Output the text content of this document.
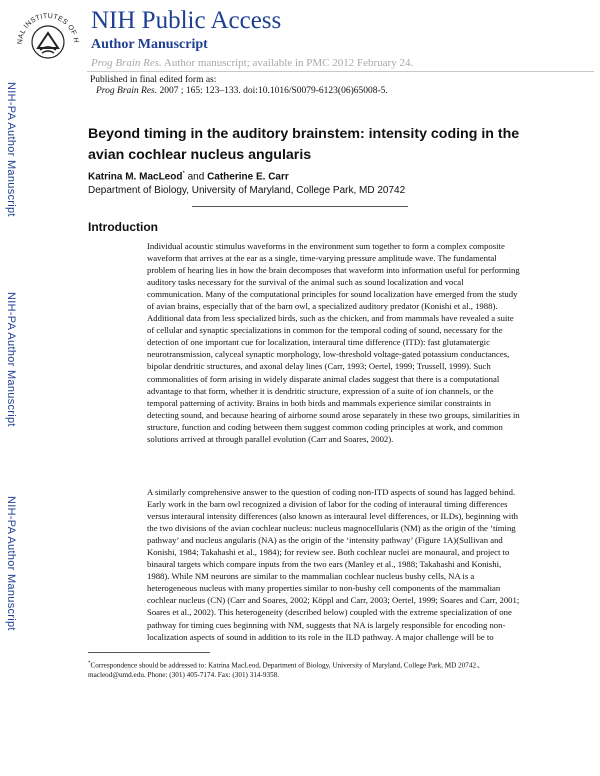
NAL INSTITUTES OF H
NIH Public Access
Author Manuscript
Prog Brain Res. Author manuscript; available in PMC 2012 February 24.
Published in final edited form as:
Prog Brain Res. 2007 ; 165: 123–133. doi:10.1016/S0079-6123(06)65008-5.
NIH-PA Author Manuscript
NIH-PA Author Manuscript
NIH-PA Author Manuscript
Beyond timing in the auditory brainstem: intensity coding in the avian cochlear nucleus angularis
Katrina M. MacLeod* and Catherine E. Carr
Department of Biology, University of Maryland, College Park, MD 20742
Introduction

Individual acoustic stimulus waveforms in the environment sum together to form a complex composite waveform that arrives at the ear as a single, time-varying pressure amplitude wave. The fundamental problem of hearing lies in how the brain decomposes that waveform into information useful for performing auditory tasks necessary for the survival of the animal such as sound localization and vocal communication. Many of the computational principles for sound localization have emerged from the study of avian brains, especially that of the barn owl, a specialized auditory predator (Konishi et al., 1988). Additional data from less specialized birds, such as the chicken, and from mammals have revealed a suite of cellular and synaptic specializations in common for the temporal coding of sound, necessary for the detection of one important cue for localization, interaural time difference (ITD): fast glutamatergic neurotransmission, calyceal synaptic morphology, low-threshold voltage-gated potassium conductances, bipolar dendritic structures, and axonal delay lines (Carr, 1993; Oertel, 1999; Trussell, 1999). Such commonalities of form arising in widely disparate animal clades suggest that there is a computational advantage to that form, whether it is dendritic structure, expression of a suite of ion channels, or the temporal patterning of activity. Brains in both birds and mammals experience similar constraints in detecting sound, and because hearing of airborne sound arose separately in these two groups, similarities in structure, function and coding between them suggest common coding principles at work, and common solutions arrived at through parallel evolution (Carr and Soares, 2002).

A similarly comprehensive answer to the question of coding non-ITD aspects of sound has lagged behind. Early work in the barn owl recognized a division of labor for the coding of interaural timing differences versus interaural intensity differences (also known as interaural level differences, or ILDs), beginning with the two divisions of the avian cochlear nucleus: nucleus magnocellularis (NM) as the origin of the ‘timing pathway’ and nucleus angularis (NA) as the origin of the ‘intensity pathway’ (Figure 1A)(Sullivan and Konishi, 1984; Takahashi et al., 1984); for review see. Both cochlear nuclei are monaural, and project to binaural targets which compare inputs from the two ears (Manley et al., 1988; Takahashi and Konishi, 1988). While NM neurons are similar to the mammalian cochlear nucleus bushy cells, NA is a heterogeneous nucleus with many properties similar to non-bushy cell components of the mammalian cochlear nucleus (CN) (Carr and Soares, 2002; Köppl and Carr, 2003; Oertel, 1999; Soares and Carr, 2001; Soares et al., 2002). This heterogeneity (described below) coupled with the extreme specialization of one pathway for timing cues beginning with NM, suggests that NA is largely responsible for encoding non-localization aspects of sound in addition to its role in the ILD pathway. A major challenge will be to

*Correspondence should be addressed to: Katrina MacLeod, Department of Biology, University of Maryland, College Park, MD 20742., macleod@umd.edu. Phone: (301) 405-7174. Fax: (301) 314-9358.
